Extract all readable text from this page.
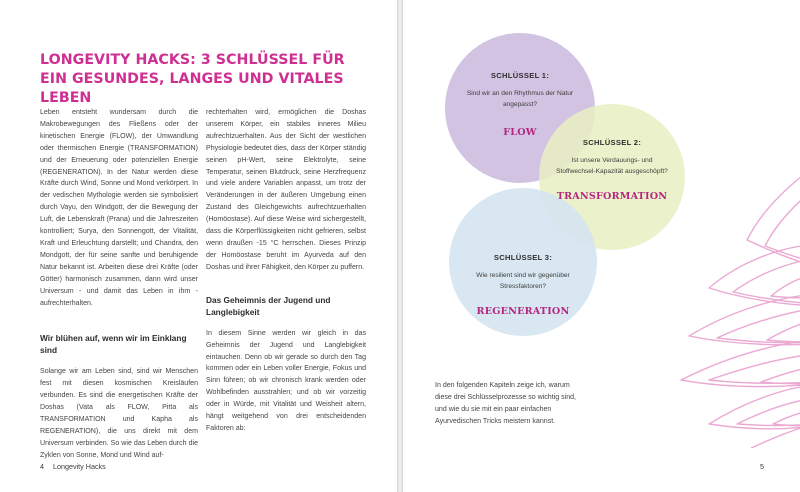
LONGEVITY HACKS: 3 SCHLÜSSEL FÜR EIN GESUNDES, LANGES UND VITALES LEBEN

Leben entsteht wundersam durch die Makrobewegungen des Fließens oder der kinetischen Energie (FLOW), der Umwandlung oder thermischen Energie (TRANSFORMATION) und der Erneuerung oder potenziellen Energie (REGENERATION). In der Natur werden diese Kräfte durch Wind, Sonne und Mond verkörpert. In der vedischen Mythologie werden sie symbolisiert durch Vayu, den Windgott, der die Bewegung der Luft, die Lebenskraft (Prana) und die Jahreszeiten kontrolliert; Surya, den Sonnengott, der Vitalität, Kraft und Erleuchtung darstellt; und Chandra, den Mondgott, der für seine sanfte und beruhigende Natur bekannt ist. Arbeiten diese drei Kräfte (oder Götter) harmonisch zusammen, dann wird unser Universum - und damit das Leben in ihm - aufrechterhalten.

Wir blühen auf, wenn wir im Einklang sind

Solange wir am Leben sind, sind wir Menschen fest mit diesen kosmischen Kreisläufen verbunden. Es sind die energetischen Kräfte der Doshas (Vata als FLOW, Pitta als TRANSFORMATION und Kapha als REGENERATION), die uns direkt mit dem Universum verbinden. So wie das Leben durch die Zyklen von Sonne, Mond und Wind auf-

rechterhalten wird, ermöglichen die Doshas unserem Körper, ein stabiles inneres Milieu aufrechtzuerhalten. Aus der Sicht der westlichen Physiologie bedeutet dies, dass der Körper ständig seinen pH-Wert, seine Elektrolyte, seine Temperatur, seinen Blutdruck, seine Herzfrequenz und viele andere Variablen anpasst, um trotz der Veränderungen in der äußeren Umgebung einen Zustand des Gleichgewichts aufrechtzuerhalten (Homöostase). Auf diese Weise wird sichergestellt, dass die Körperflüssigkeiten nicht gefrieren, selbst wenn draußen -15 °C herrschen. Dieses Prinzip der Homöostase beruht im Ayurveda auf den Doshas und ihrer Fähigkeit, den Körper zu puffern.

Das Geheimnis der Jugend und Langlebigkeit

In diesem Sinne werden wir gleich in das Geheimnis der Jugend und Langlebigkeit eintauchen. Denn ob wir gerade so durch den Tag kommen oder ein Leben voller Energie, Fokus und Sinn führen; ob wir chronisch krank werden oder Wohlbefinden ausstrahlen; und ob wir vorzeitig oder in Würde, mit Vitalität und Weisheit altern, hängt weitgehend von drei entscheidenden Faktoren ab:

4 Longevity Hacks
SCHLÜSSEL 1:
Sind wir an den Rhythmus der Natur angepasst?
FLOW
SCHLÜSSEL 2:
Ist unsere Verdauungs- und Stoffwechsel-Kapazität ausgeschöpft?
TRANSFORMATION
SCHLÜSSEL 3:
Wie resilient sind wir gegenüber Stressfaktoren?
REGENERATION

In den folgenden Kapiteln zeige ich, warum diese drei Schlüsselprozesse so wichtig sind, und wie du sie mit ein paar einfachen Ayurvedischen Tricks meistern kannst.

5
